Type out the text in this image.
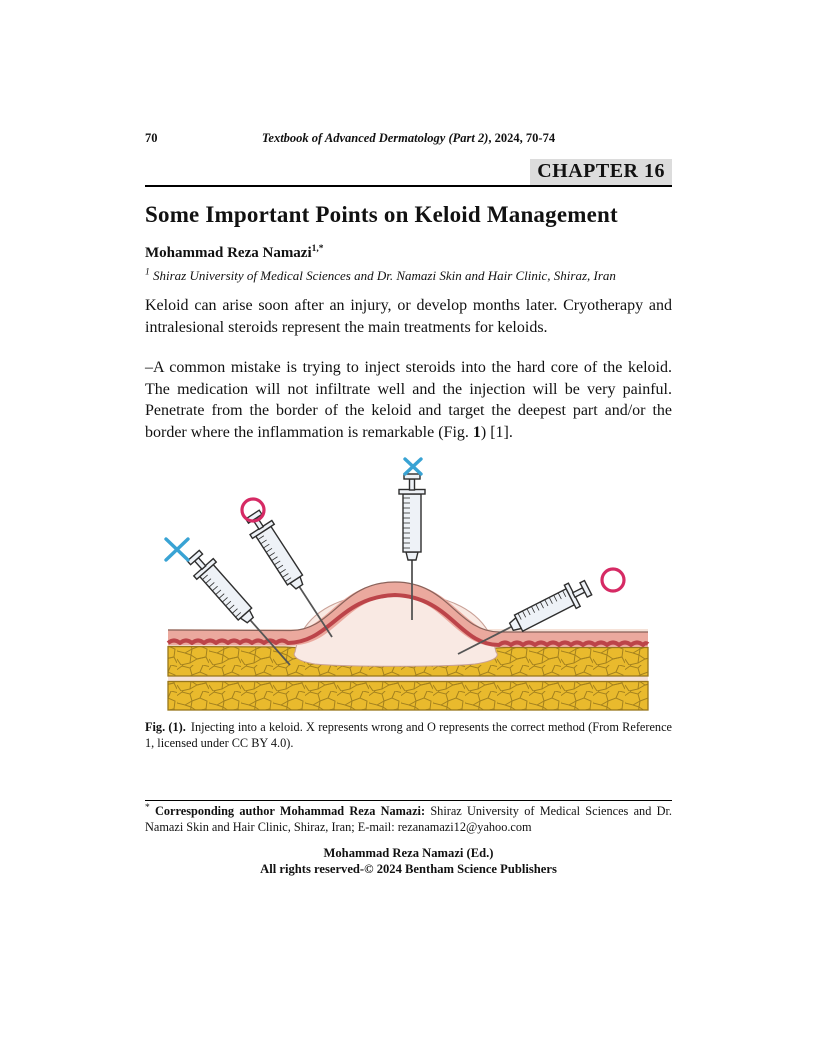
70	Textbook of Advanced Dermatology (Part 2), 2024, 70-74
CHAPTER 16
Some Important Points on Keloid Management
Mohammad Reza Namazi$^{1,*}$
$^1$ Shiraz University of Medical Sciences and Dr. Namazi Skin and Hair Clinic, Shiraz, Iran

Keloid can arise soon after an injury, or develop months later. Cryotherapy and intralesional steroids represent the main treatments for keloids.

–A common mistake is trying to inject steroids into the hard core of the keloid. The medication will not infiltrate well and the injection will be very painful. Penetrate from the border of the keloid and target the deepest part and/or the border where the inflammation is remarkable (Fig. 1) [1].

Fig. (1). Injecting into a keloid. X represents wrong and O represents the correct method (From Reference 1, licensed under CC BY 4.0).
* Corresponding author Mohammad Reza Namazi: Shiraz University of Medical Sciences and Dr. Namazi Skin and Hair Clinic, Shiraz, Iran; E-mail: rezanamazi12@yahoo.com
Mohammad Reza Namazi (Ed.)
All rights reserved-© 2024 Bentham Science Publishers
